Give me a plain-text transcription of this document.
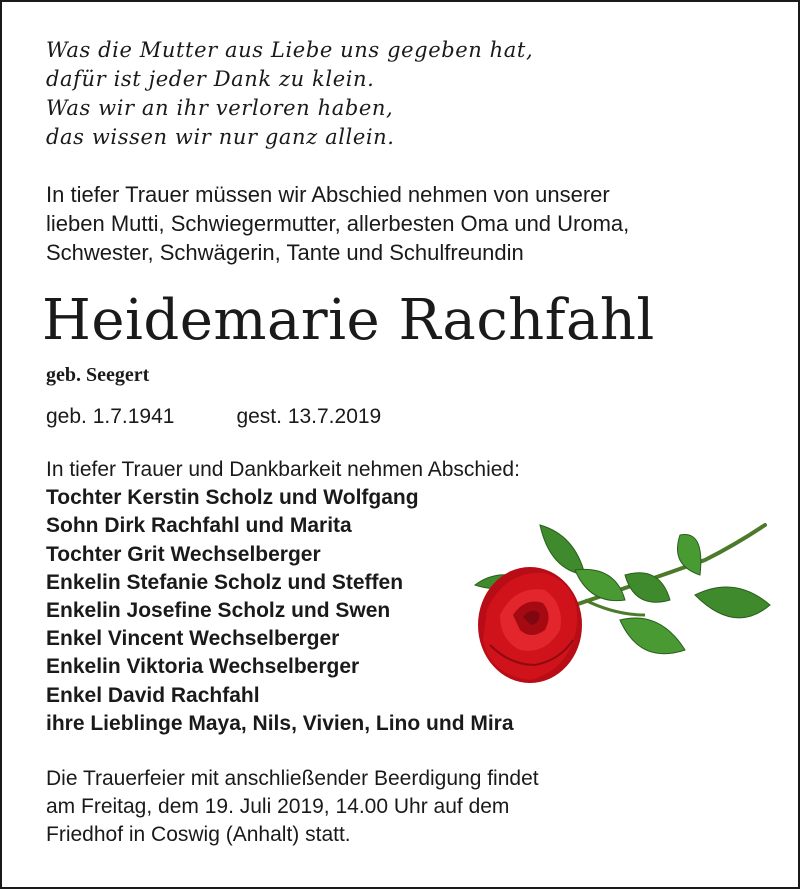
Was die Mutter aus Liebe uns gegeben hat,
dafür ist jeder Dank zu klein.
Was wir an ihr verloren haben,
das wissen wir nur ganz allein.
In tiefer Trauer müssen wir Abschied nehmen von unserer
lieben Mutti, Schwiegermutter, allerbesten Oma und Uroma,
Schwester, Schwägerin, Tante und Schulfreundin
Heidemarie Rachfahl
geb. Seegert
geb. 1.7.1941	gest. 13.7.2019
In tiefer Trauer und Dankbarkeit nehmen Abschied:
Tochter Kerstin Scholz und Wolfgang
Sohn Dirk Rachfahl und Marita
Tochter Grit Wechselberger
Enkelin Stefanie Scholz und Steffen
Enkelin Josefine Scholz und Swen
Enkel Vincent Wechselberger
Enkelin Viktoria Wechselberger
Enkel David Rachfahl
ihre Lieblinge Maya, Nils, Vivien, Lino und Mira
Die Trauerfeier mit anschließender Beerdigung findet
am Freitag, dem 19. Juli 2019, 14.00 Uhr auf dem
Friedhof in Coswig (Anhalt) statt.
